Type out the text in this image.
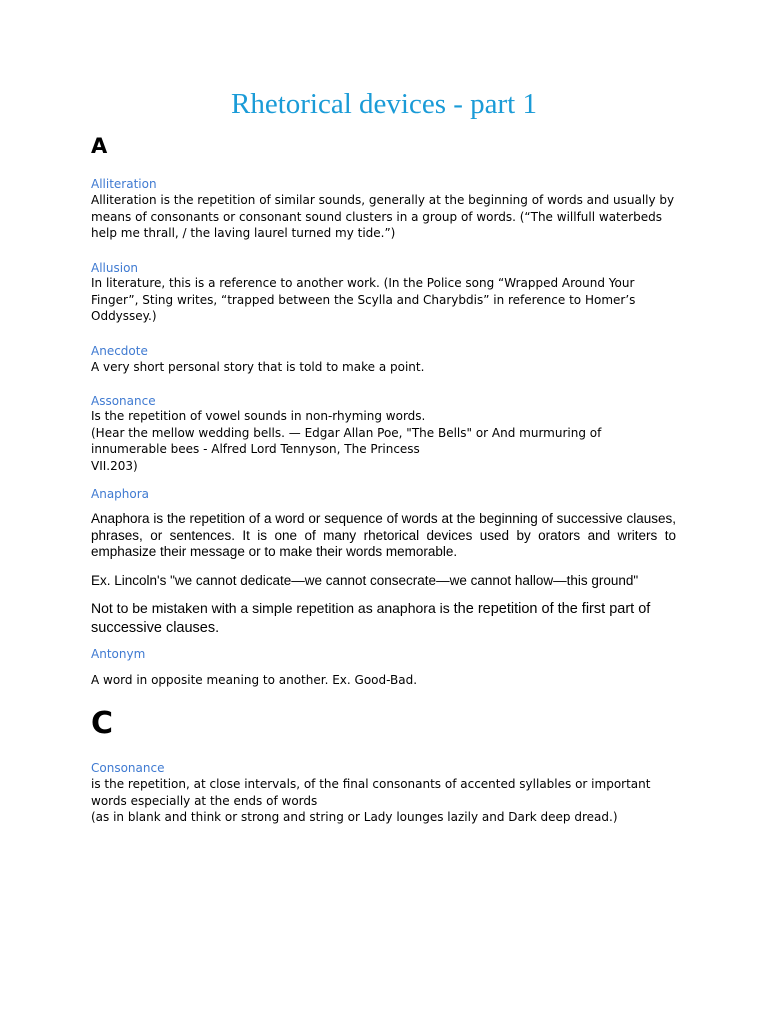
Rhetorical devices - part 1
A
Alliteration
Alliteration is the repetition of similar sounds, generally at the beginning of words and usually by
means of consonants or consonant sound clusters in a group of words. (“The willfull waterbeds
help me thrall, / the laving laurel turned my tide.”)
Allusion
In literature, this is a reference to another work. (In the Police song “Wrapped Around Your
Finger”, Sting writes, “trapped between the Scylla and Charybdis” in reference to Homer’s
Oddyssey.)
Anecdote
A very short personal story that is told to make a point.
Assonance
Is the repetition of vowel sounds in non-rhyming words.
(Hear the mellow wedding bells. — Edgar Allan Poe, "The Bells" or And murmuring of
innumerable bees - Alfred Lord Tennyson, The Princess
VII.203)
Anaphora
Anaphora is the repetition of a word or sequence of words at the beginning of successive clauses, phrases, or sentences. It is one of many rhetorical devices used by orators and writers to emphasize their message or to make their words memorable.
Ex. Lincoln's "we cannot dedicate—we cannot consecrate—we cannot hallow—this ground"
Not to be mistaken with a simple repetition as anaphora is the repetition of the first part of successive clauses.
Antonym
A word in opposite meaning to another. Ex. Good-Bad.
C
Consonance
is the repetition, at close intervals, of the final consonants of accented syllables or important
words especially at the ends of words
(as in blank and think or strong and string or Lady lounges lazily and Dark deep dread.)
